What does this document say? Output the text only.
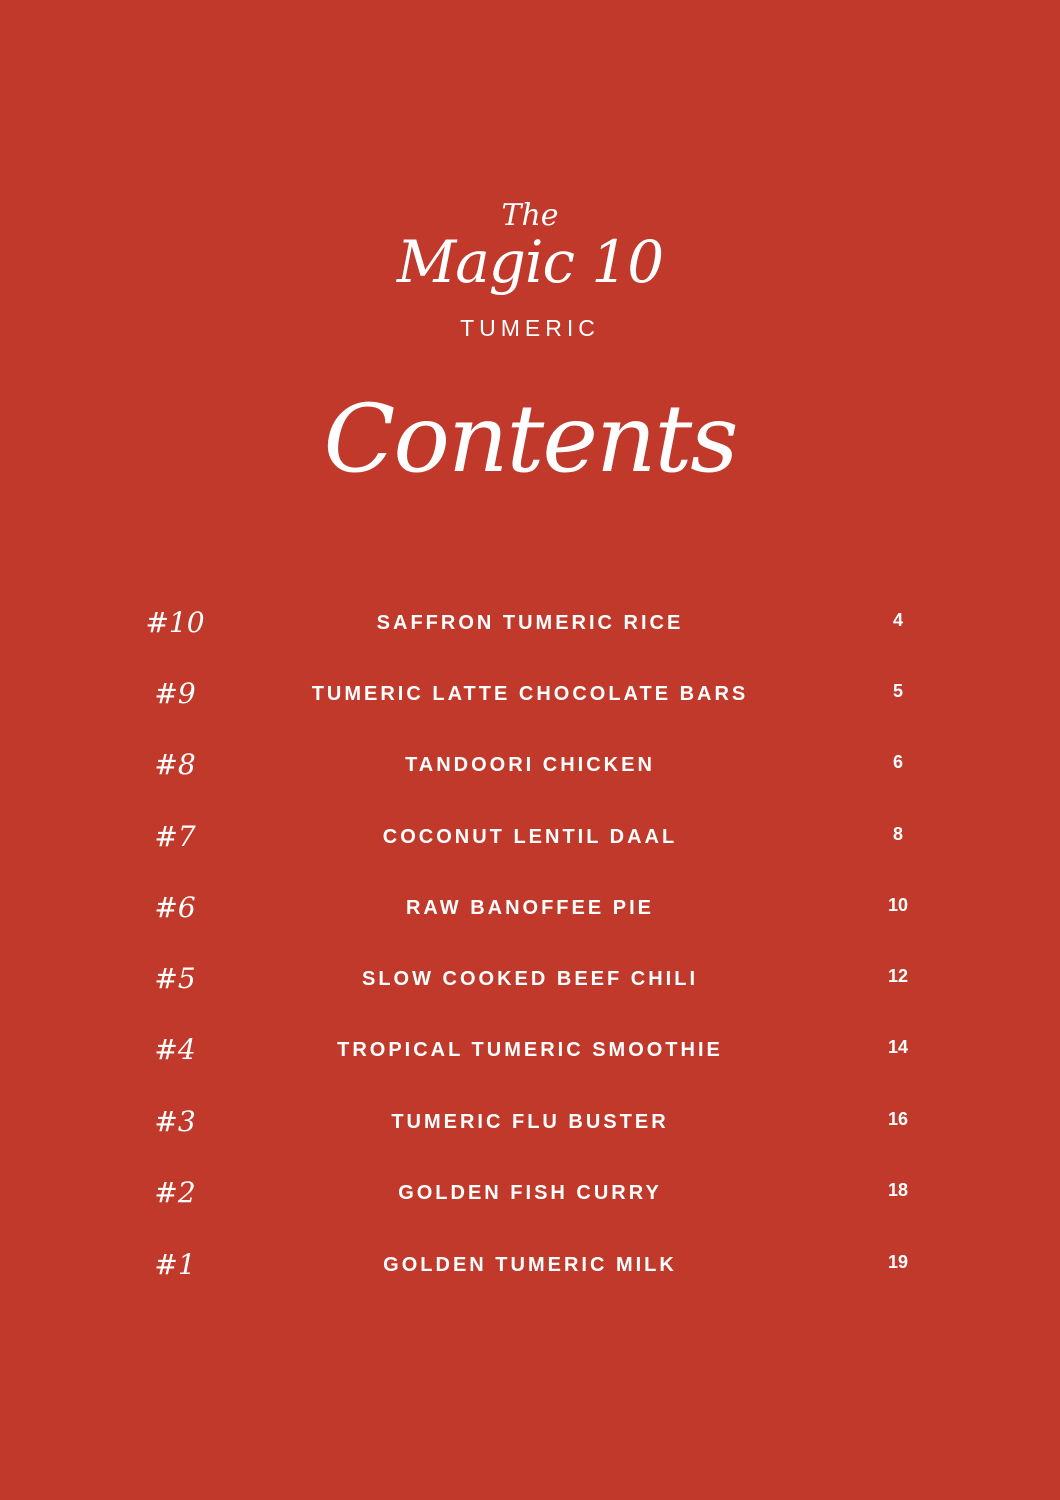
The
Magic 10
TUMERIC
Contents
#10	SAFFRON TUMERIC RICE	4
#9	TUMERIC LATTE CHOCOLATE BARS	5
#8	TANDOORI CHICKEN	6
#7	COCONUT LENTIL DAAL	8
#6	RAW BANOFFEE PIE	10
#5	SLOW COOKED BEEF CHILI	12
#4	TROPICAL TUMERIC SMOOTHIE	14
#3	TUMERIC FLU BUSTER	16
#2	GOLDEN FISH CURRY	18
#1	GOLDEN TUMERIC MILK	19
